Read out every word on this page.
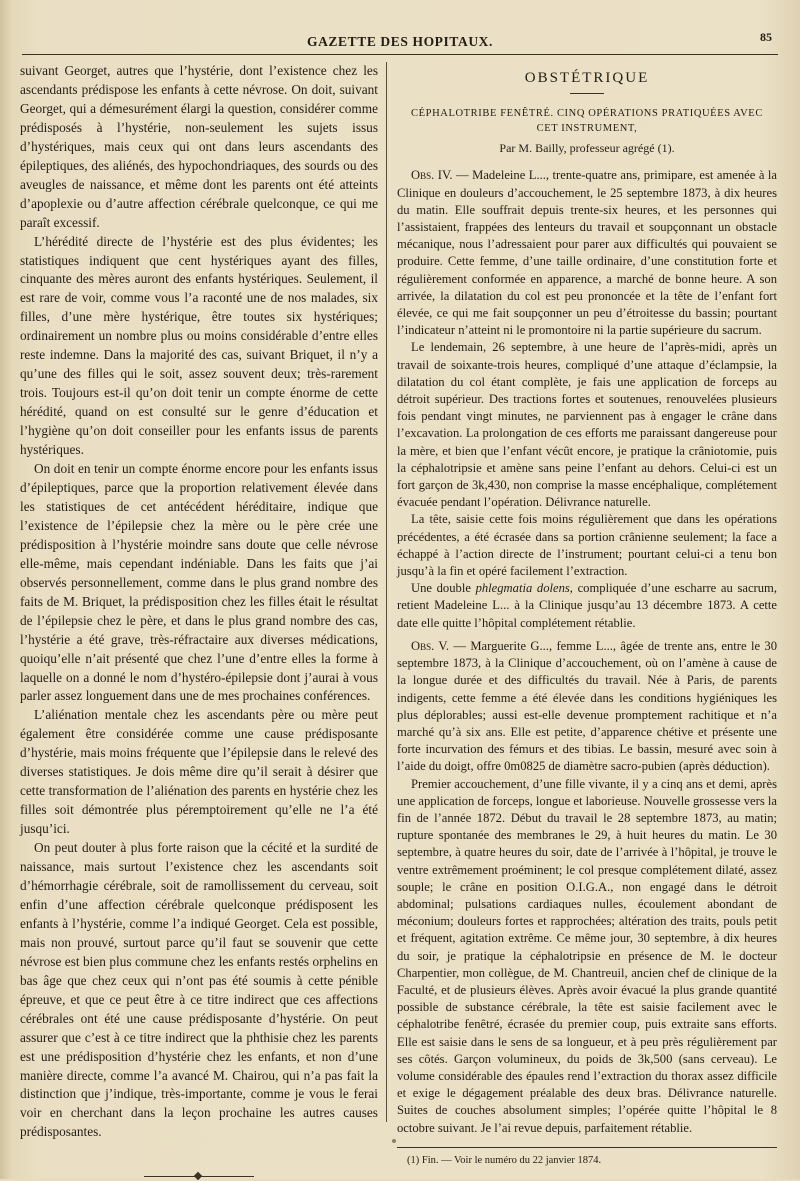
GAZETTE DES HOPITAUX.	85

suivant Georget, autres que l’hystérie, dont l’existence chez les ascendants prédispose les enfants à cette névrose. On doit, suivant Georget, qui a démesurément élargi la question, considérer comme prédisposés à l’hystérie, non-seulement les sujets issus d’hystériques, mais ceux qui ont dans leurs ascendants des épileptiques, des aliénés, des hypochondriaques, des sourds ou des aveugles de naissance, et même dont les parents ont été atteints d’apoplexie ou d’autre affection cérébrale quelconque, ce qui me paraît excessif.

L’hérédité directe de l’hystérie est des plus évidentes; les statistiques indiquent que cent hystériques ayant des filles, cinquante des mères auront des enfants hystériques. Seulement, il est rare de voir, comme vous l’a raconté une de nos malades, six filles, d’une mère hystérique, être toutes six hystériques; ordinairement un nombre plus ou moins considérable d’entre elles reste indemne. Dans la majorité des cas, suivant Briquet, il n’y a qu’une des filles qui le soit, assez souvent deux; très-rarement trois. Toujours est-il qu’on doit tenir un compte énorme de cette hérédité, quand on est consulté sur le genre d’éducation et l’hygiène qu’on doit conseiller pour les enfants issus de parents hystériques.

On doit en tenir un compte énorme encore pour les enfants issus d’épileptiques, parce que la proportion relativement élevée dans les statistiques de cet antécédent héréditaire, indique que l’existence de l’épilepsie chez la mère ou le père crée une prédisposition à l’hystérie moindre sans doute que celle névrose elle-même, mais cependant indéniable. Dans les faits que j’ai observés personnellement, comme dans le plus grand nombre des faits de M. Briquet, la prédisposition chez les filles était le résultat de l’épilepsie chez le père, et dans le plus grand nombre des cas, l’hystérie a été grave, très-réfractaire aux diverses médications, quoiqu’elle n’ait présenté que chez l’une d’entre elles la forme à laquelle on a donné le nom d’hystéro-épilepsie dont j’aurai à vous parler assez longuement dans une de mes prochaines conférences.

L’aliénation mentale chez les ascendants père ou mère peut également être considérée comme une cause prédisposante d’hystérie, mais moins fréquente que l’épilepsie dans le relevé des diverses statistiques. Je dois même dire qu’il serait à désirer que cette transformation de l’aliénation des parents en hystérie chez les filles soit démontrée plus péremptoirement qu’elle ne l’a été jusqu’ici.

On peut douter à plus forte raison que la cécité et la surdité de naissance, mais surtout l’existence chez les ascendants soit d’hémorrhagie cérébrale, soit de ramollissement du cerveau, soit enfin d’une affection cérébrale quelconque prédisposent les enfants à l’hystérie, comme l’a indiqué Georget. Cela est possible, mais non prouvé, surtout parce qu’il faut se souvenir que cette névrose est bien plus commune chez les enfants restés orphelins en bas âge que chez ceux qui n’ont pas été soumis à cette pénible épreuve, et que ce peut être à ce titre indirect que ces affections cérébrales ont été une cause prédisposante d’hystérie. On peut assurer que c’est à ce titre indirect que la phthisie chez les parents est une prédisposition d’hystérie chez les enfants, et non d’une manière directe, comme l’a avancé M. Chairou, qui n’a pas fait la distinction que j’indique, très-importante, comme je vous le ferai voir en cherchant dans la leçon prochaine les autres causes prédisposantes.

OBSTÉTRIQUE
CÉPHALOTRIBE FENÊTRÉ. CINQ OPÉRATIONS PRATIQUÉES AVEC
CET INSTRUMENT,
Par M. Bailly, professeur agrégé (1).

Obs. IV. — Madeleine L..., trente-quatre ans, primipare, est amenée à la Clinique en douleurs d’accouchement, le 25 septembre 1873, à dix heures du matin. Elle souffrait depuis trente-six heures, et les personnes qui l’assistaient, frappées des lenteurs du travail et soupçonnant un obstacle mécanique, nous l’adressaient pour parer aux difficultés qui pouvaient se produire. Cette femme, d’une taille ordinaire, d’une constitution forte et régulièrement conformée en apparence, a marché de bonne heure. A son arrivée, la dilatation du col est peu prononcée et la tête de l’enfant fort élevée, ce qui me fait soupçonner un peu d’étroitesse du bassin; pourtant l’indicateur n’atteint ni le promontoire ni la partie supérieure du sacrum.

Le lendemain, 26 septembre, à une heure de l’après-midi, après un travail de soixante-trois heures, compliqué d’une attaque d’éclampsie, la dilatation du col étant complète, je fais une application de forceps au détroit supérieur. Des tractions fortes et soutenues, renouvelées plusieurs fois pendant vingt minutes, ne parviennent pas à engager le crâne dans l’excavation. La prolongation de ces efforts me paraissant dangereuse pour la mère, et bien que l’enfant vécût encore, je pratique la crâniotomie, puis la céphalotripsie et amène sans peine l’enfant au dehors. Celui-ci est un fort garçon de 3k,430, non comprise la masse encéphalique, complétement évacuée pendant l’opération. Délivrance naturelle.

La tête, saisie cette fois moins régulièrement que dans les opérations précédentes, a été écrasée dans sa portion crânienne seulement; la face a échappé à l’action directe de l’instrument; pourtant celui-ci a tenu bon jusqu’à la fin et opéré facilement l’extraction.

Une double phlegmatia dolens, compliquée d’une escharre au sacrum, retient Madeleine L... à la Clinique jusqu’au 13 décembre 1873. A cette date elle quitte l’hôpital complétement rétablie.

Obs. V. — Marguerite G..., femme L..., âgée de trente ans, entre le 30 septembre 1873, à la Clinique d’accouchement, où on l’amène à cause de la longue durée et des difficultés du travail. Née à Paris, de parents indigents, cette femme a été élevée dans les conditions hygiéniques les plus déplorables; aussi est-elle devenue promptement rachitique et n’a marché qu’à six ans. Elle est petite, d’apparence chétive et présente une forte incurvation des fémurs et des tibias. Le bassin, mesuré avec soin à l’aide du doigt, offre 0m0825 de diamètre sacro-pubien (après déduction).

Premier accouchement, d’une fille vivante, il y a cinq ans et demi, après une application de forceps, longue et laborieuse. Nouvelle grossesse vers la fin de l’année 1872. Début du travail le 28 septembre 1873, au matin; rupture spontanée des membranes le 29, à huit heures du matin. Le 30 septembre, à quatre heures du soir, date de l’arrivée à l’hôpital, je trouve le ventre extrêmement proéminent; le col presque complétement dilaté, assez souple; le crâne en position O.I.G.A., non engagé dans le détroit abdominal; pulsations cardiaques nulles, écoulement abondant de méconium; douleurs fortes et rapprochées; altération des traits, pouls petit et fréquent, agitation extrême. Ce même jour, 30 septembre, à dix heures du soir, je pratique la céphalotripsie en présence de M. le docteur Charpentier, mon collègue, de M. Chantreuil, ancien chef de clinique de la Faculté, et de plusieurs élèves. Après avoir évacué la plus grande quantité possible de substance cérébrale, la tête est saisie facilement avec le céphalotribe fenêtré, écrasée du premier coup, puis extraite sans efforts. Elle est saisie dans le sens de sa longueur, et à peu près régulièrement par ses côtés. Garçon volumineux, du poids de 3k,500 (sans cerveau). Le volume considérable des épaules rend l’extraction du thorax assez difficile et exige le dégagement préalable des deux bras. Délivrance naturelle. Suites de couches absolument simples; l’opérée quitte l’hôpital le 8 octobre suivant. Je l’ai revue depuis, parfaitement rétablie.

(1) Fin. — Voir le numéro du 22 janvier 1874.
